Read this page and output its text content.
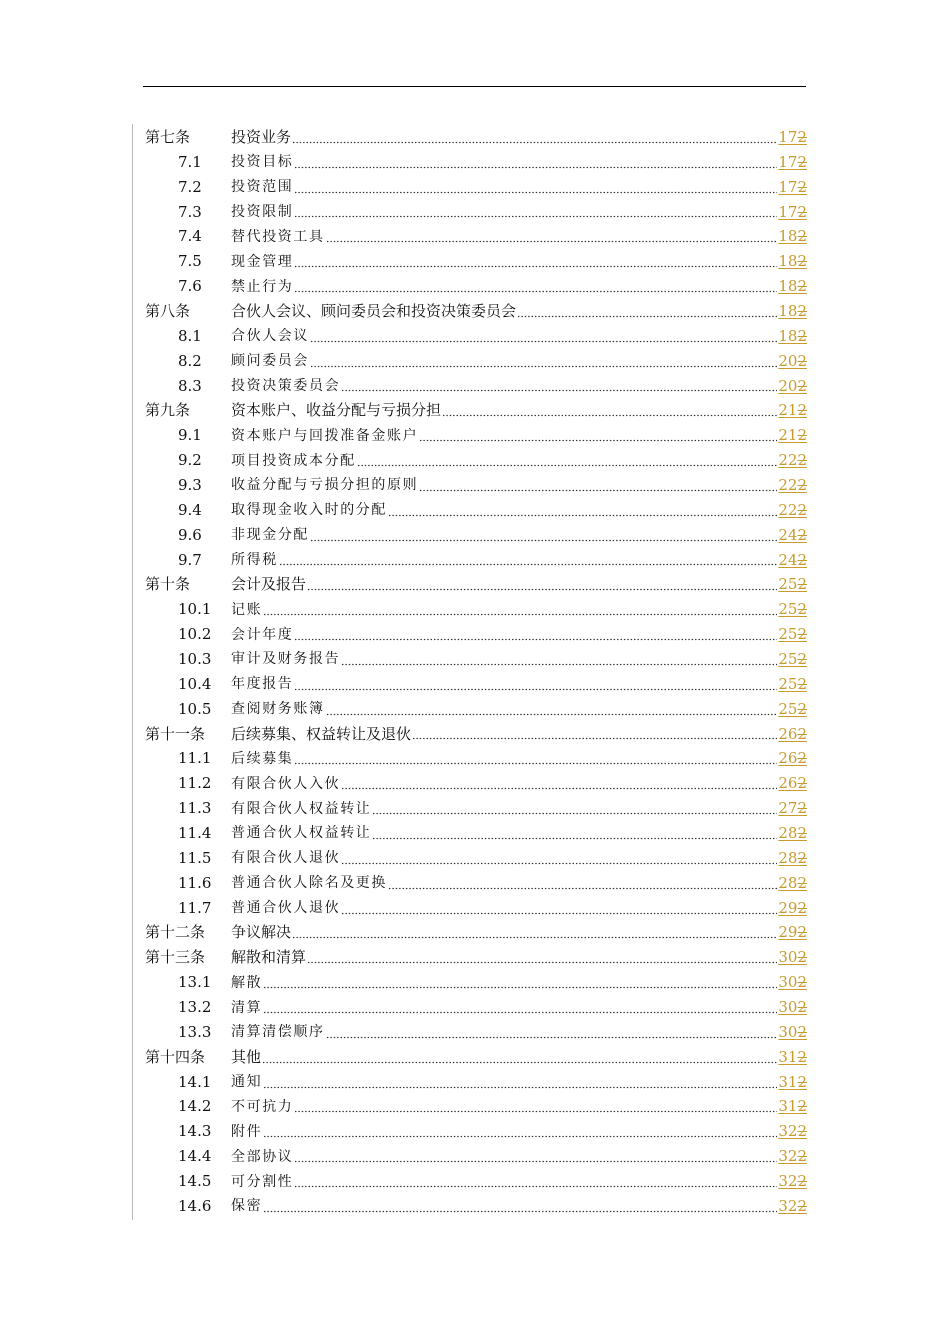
第七条	投资业务	172
7.1	投资目标	172
7.2	投资范围	172
7.3	投资限制	172
7.4	替代投资工具	182
7.5	现金管理	182
7.6	禁止行为	182
第八条	合伙人会议、顾问委员会和投资决策委员会	182
8.1	合伙人会议	182
8.2	顾问委员会	202
8.3	投资决策委员会	202
第九条	资本账户、收益分配与亏损分担	212
9.1	资本账户与回拨准备金账户	212
9.2	项目投资成本分配	222
9.3	收益分配与亏损分担的原则	222
9.4	取得现金收入时的分配	222
9.6	非现金分配	242
9.7	所得税	242
第十条	会计及报告	252
10.1	记账	252
10.2	会计年度	252
10.3	审计及财务报告	252
10.4	年度报告	252
10.5	查阅财务账簿	252
第十一条	后续募集、权益转让及退伙	262
11.1	后续募集	262
11.2	有限合伙人入伙	262
11.3	有限合伙人权益转让	272
11.4	普通合伙人权益转让	282
11.5	有限合伙人退伙	282
11.6	普通合伙人除名及更换	282
11.7	普通合伙人退伙	292
第十二条	争议解决	292
第十三条	解散和清算	302
13.1	解散	302
13.2	清算	302
13.3	清算清偿顺序	302
第十四条	其他	312
14.1	通知	312
14.2	不可抗力	312
14.3	附件	322
14.4	全部协议	322
14.5	可分割性	322
14.6	保密	322
